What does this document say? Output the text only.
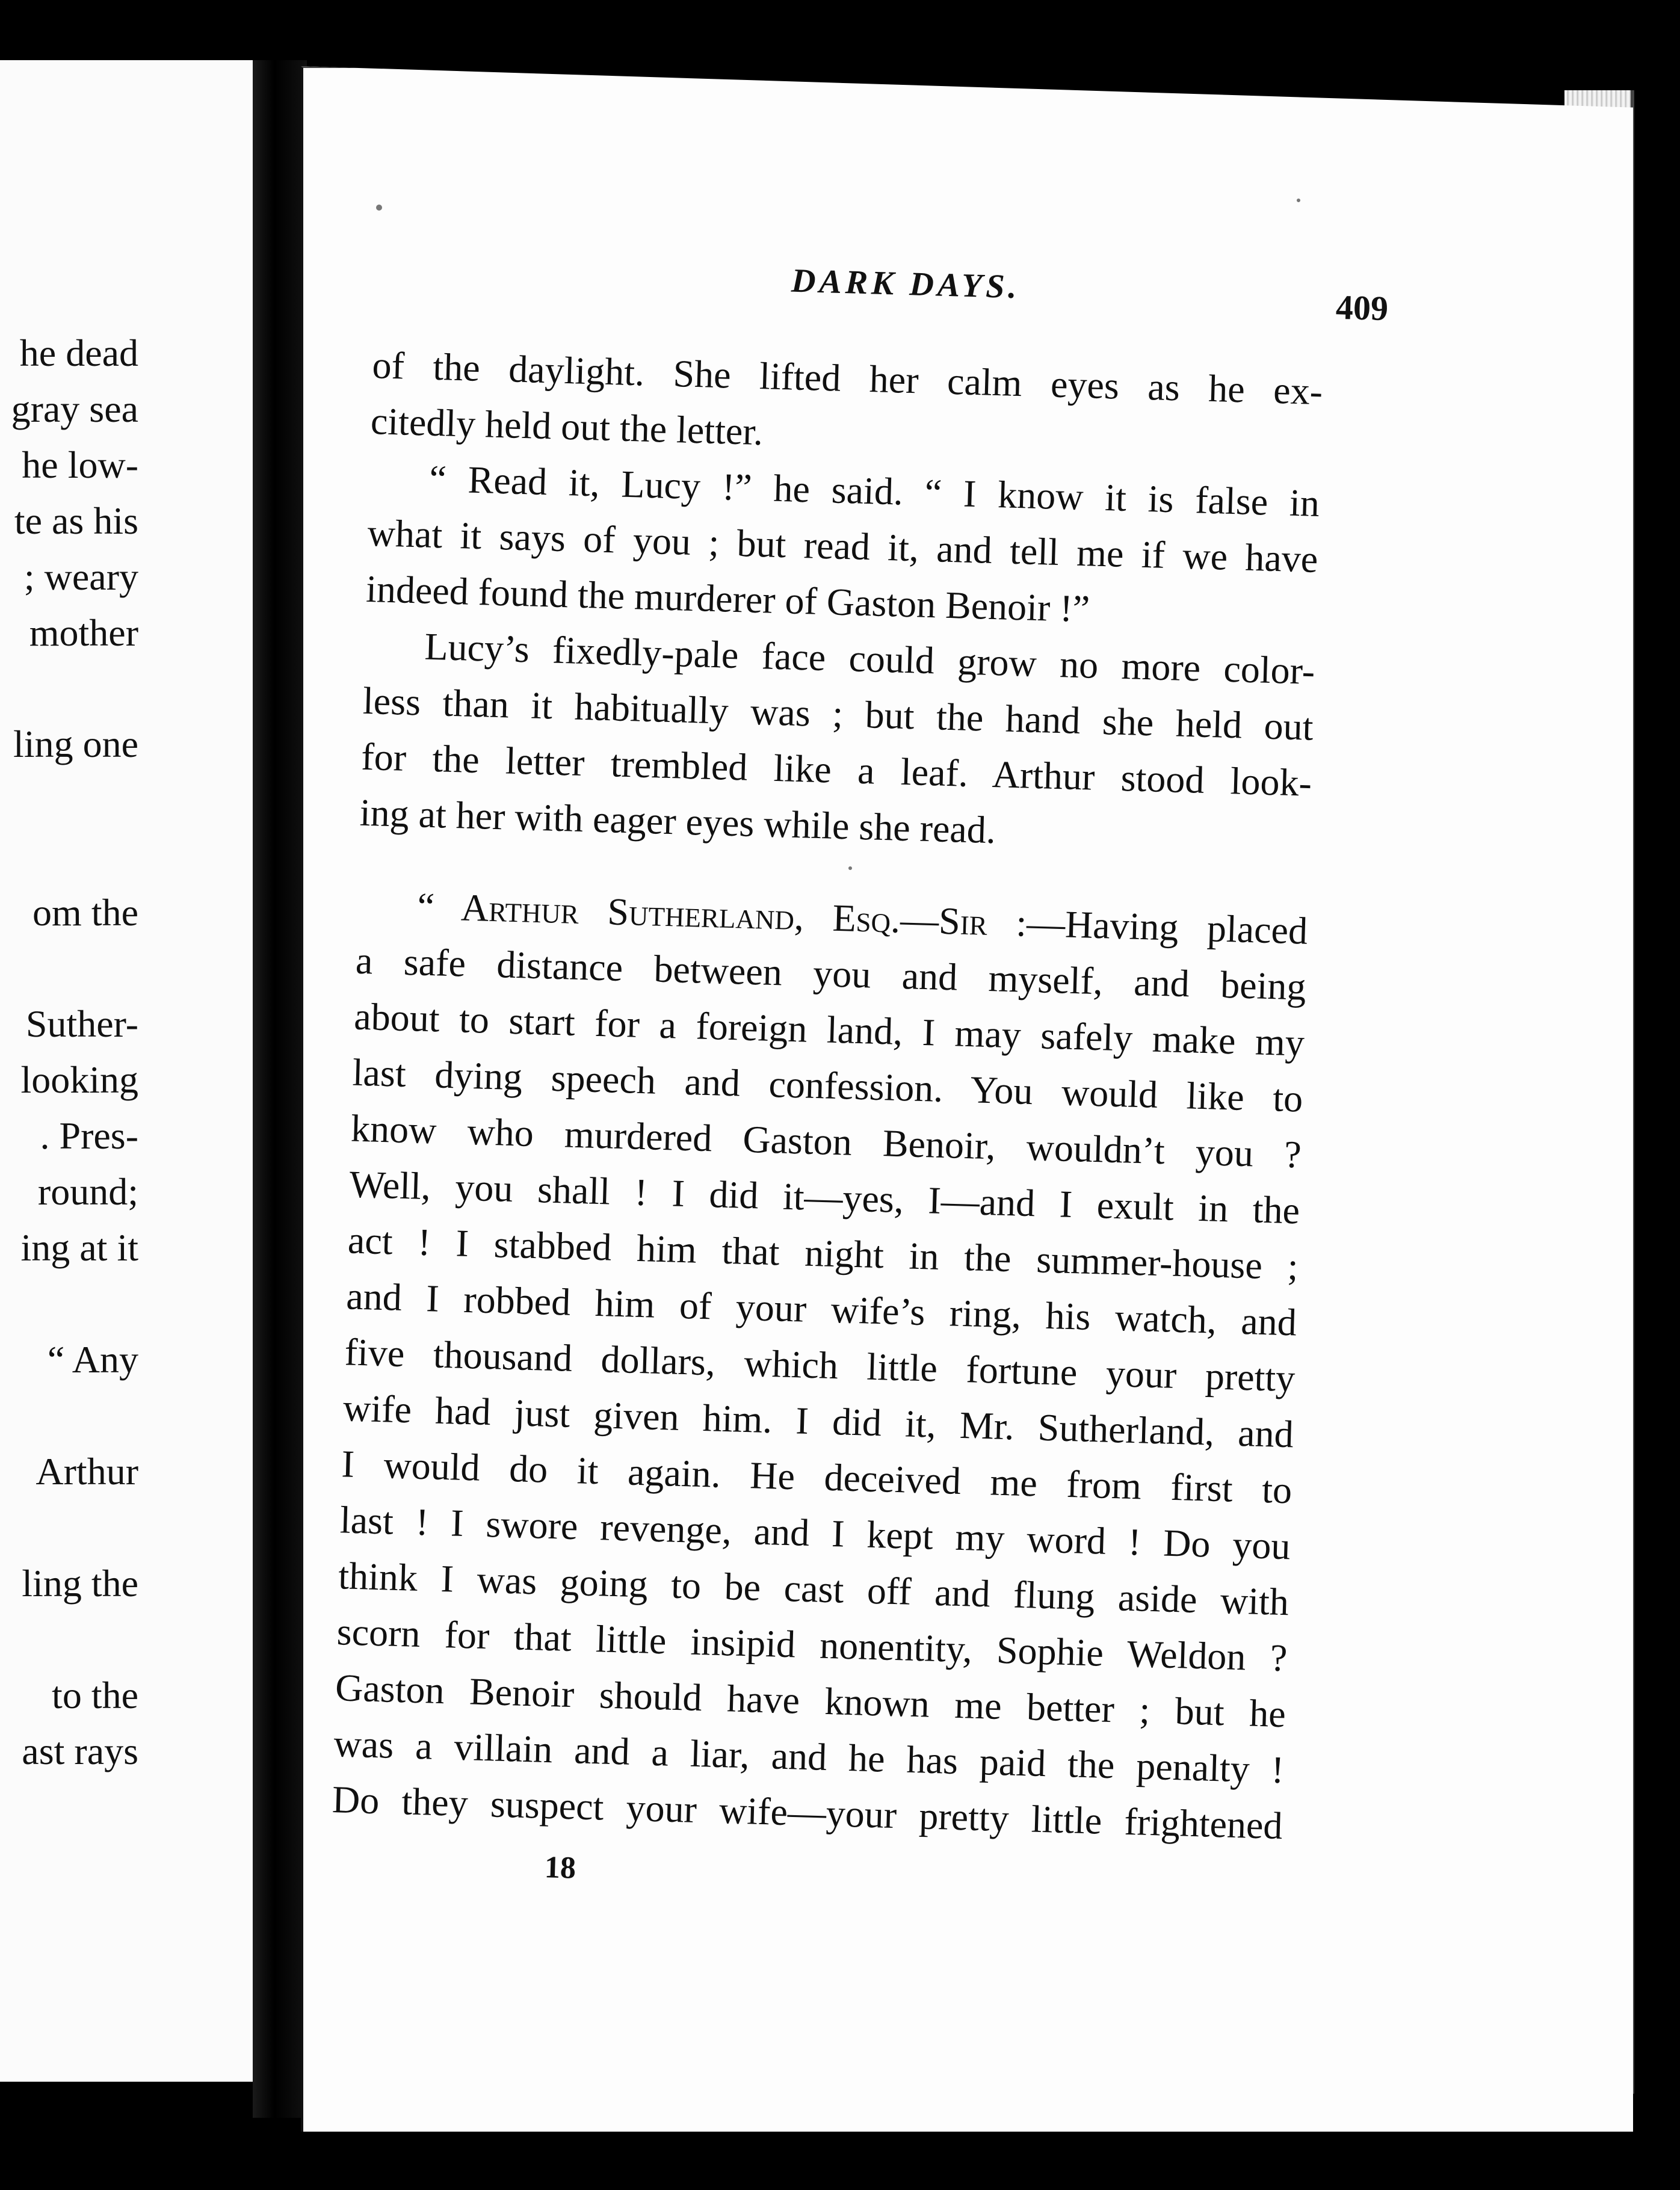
he dead
gray sea
he low-
te as his
; weary
mother
ling one
om the
Suther-
looking
. Pres-
round;
ing at it
“ Any
Arthur
ling the
to the
ast rays
DARK DAYS.
409
of the daylight. She lifted her calm eyes as he ex-
citedly held out the letter.
“ Read it, Lucy !” he said. “ I know it is false in
what it says of you ; but read it, and tell me if we have
indeed found the murderer of Gaston Benoir !”
Lucy’s fixedly-pale face could grow no more color-
less than it habitually was ; but the hand she held out
for the letter trembled like a leaf. Arthur stood look-
ing at her with eager eyes while she read.
“ Arthur Sutherland, Esq.—Sir :—Having placed
a safe distance between you and myself, and being
about to start for a foreign land, I may safely make my
last dying speech and confession. You would like to
know who murdered Gaston Benoir, wouldn’t you ?
Well, you shall ! I did it—yes, I—and I exult in the
act ! I stabbed him that night in the summer-house ;
and I robbed him of your wife’s ring, his watch, and
five thousand dollars, which little fortune your pretty
wife had just given him. I did it, Mr. Sutherland, and
I would do it again. He deceived me from first to
last ! I swore revenge, and I kept my word ! Do you
think I was going to be cast off and flung aside with
scorn for that little insipid nonentity, Sophie Weldon ?
Gaston Benoir should have known me better ; but he
was a villain and a liar, and he has paid the penalty !
Do they suspect your wife—your pretty little frightened
18
